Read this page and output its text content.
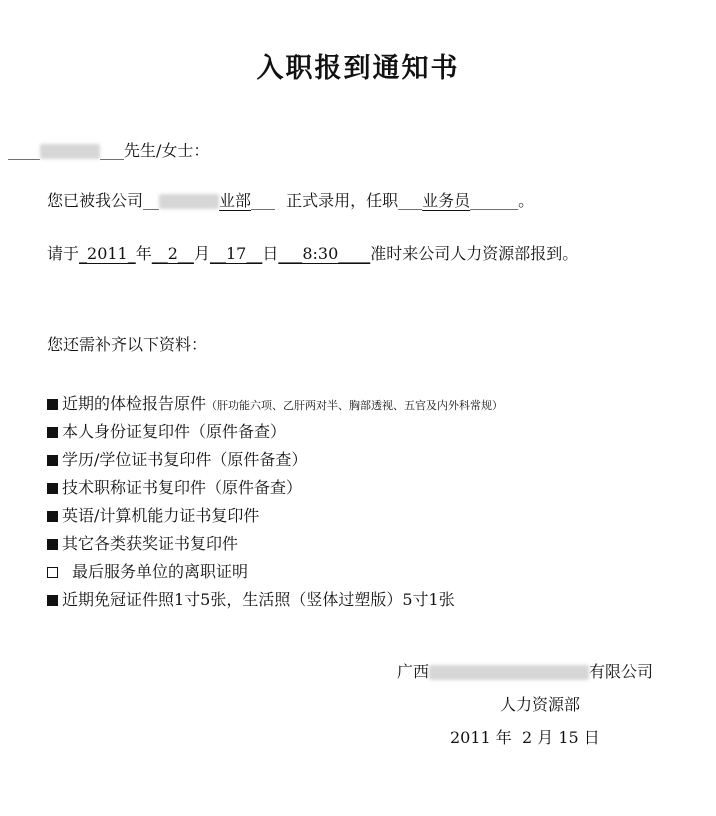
入职报到通知书
____	___先生/女士：
您已被我公司__	业部___ 正式录用，任职___业务员______。
请于_2011_年__2__月__17__日___8:30____准时来公司人力资源部报到。
您还需补齐以下资料：
近期的体检报告原件（肝功能六项、乙肝两对半、胸部透视、五官及内外科常规）
本人身份证复印件（原件备查）
学历/学位证书复印件（原件备查）
技术职称证书复印件（原件备查）
英语/计算机能力证书复印件
其它各类获奖证书复印件
最后服务单位的离职证明
近期免冠证件照1寸5张，生活照（竖体过塑版）5寸1张
广西	有限公司
人力资源部
2011 年  2 月 15 日
